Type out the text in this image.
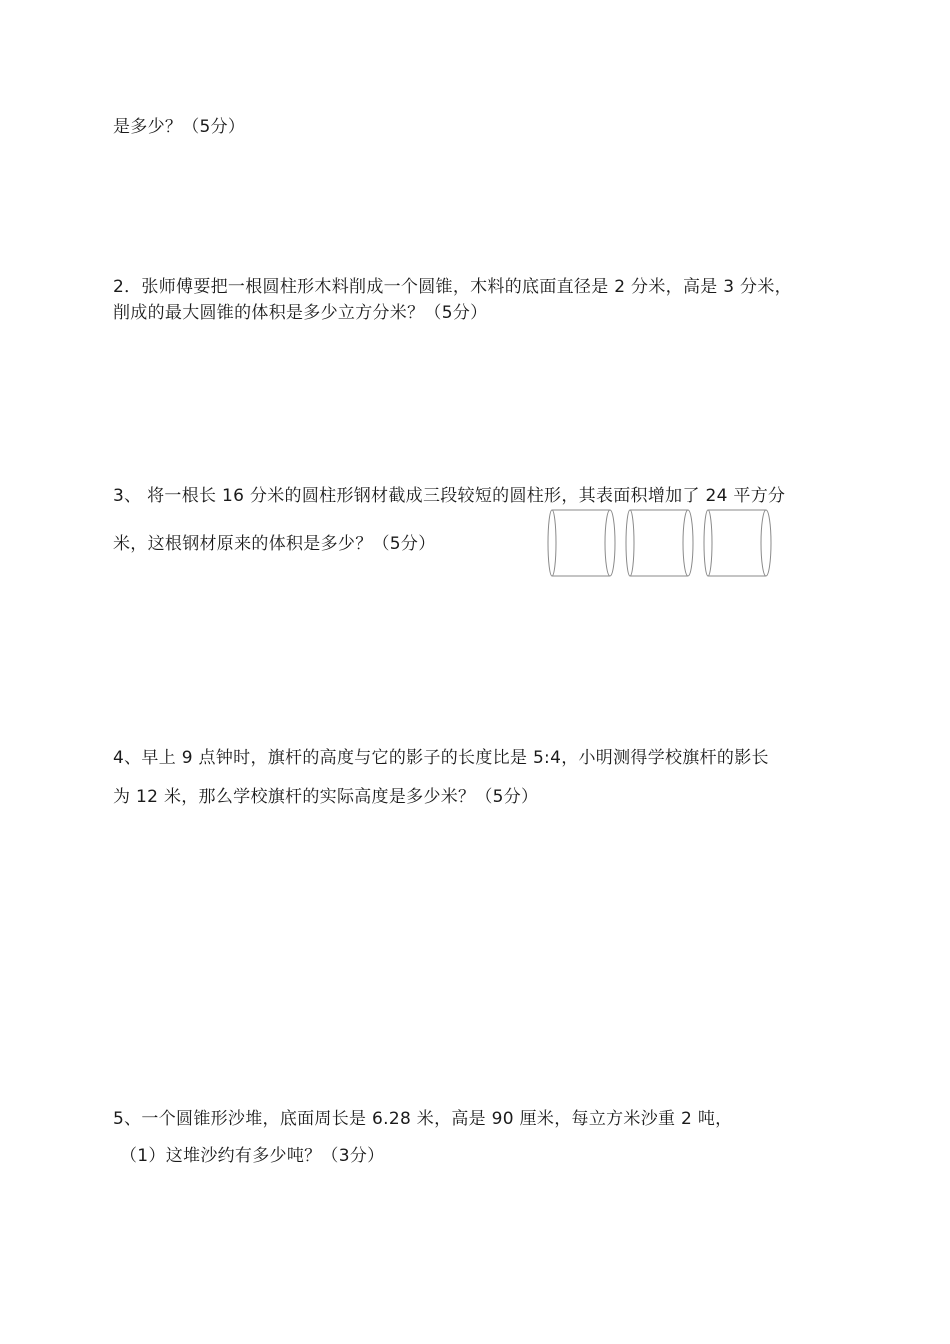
是多少？（5分）
2．张师傅要把一根圆柱形木料削成一个圆锥，木料的底面直径是 2 分米，高是 3 分米，
削成的最大圆锥的体积是多少立方分米？（5分）
3、 将一根长 16 分米的圆柱形钢材截成三段较短的圆柱形，其表面积增加了 24 平方分
米，这根钢材原来的体积是多少？（5分）
4、早上 9 点钟时，旗杆的高度与它的影子的长度比是 5:4，小明测得学校旗杆的影长
为 12 米，那么学校旗杆的实际高度是多少米？（5分）
5、一个圆锥形沙堆，底面周长是 6.28 米，高是 90 厘米，每立方米沙重 2 吨，
（1）这堆沙约有多少吨？（3分）
